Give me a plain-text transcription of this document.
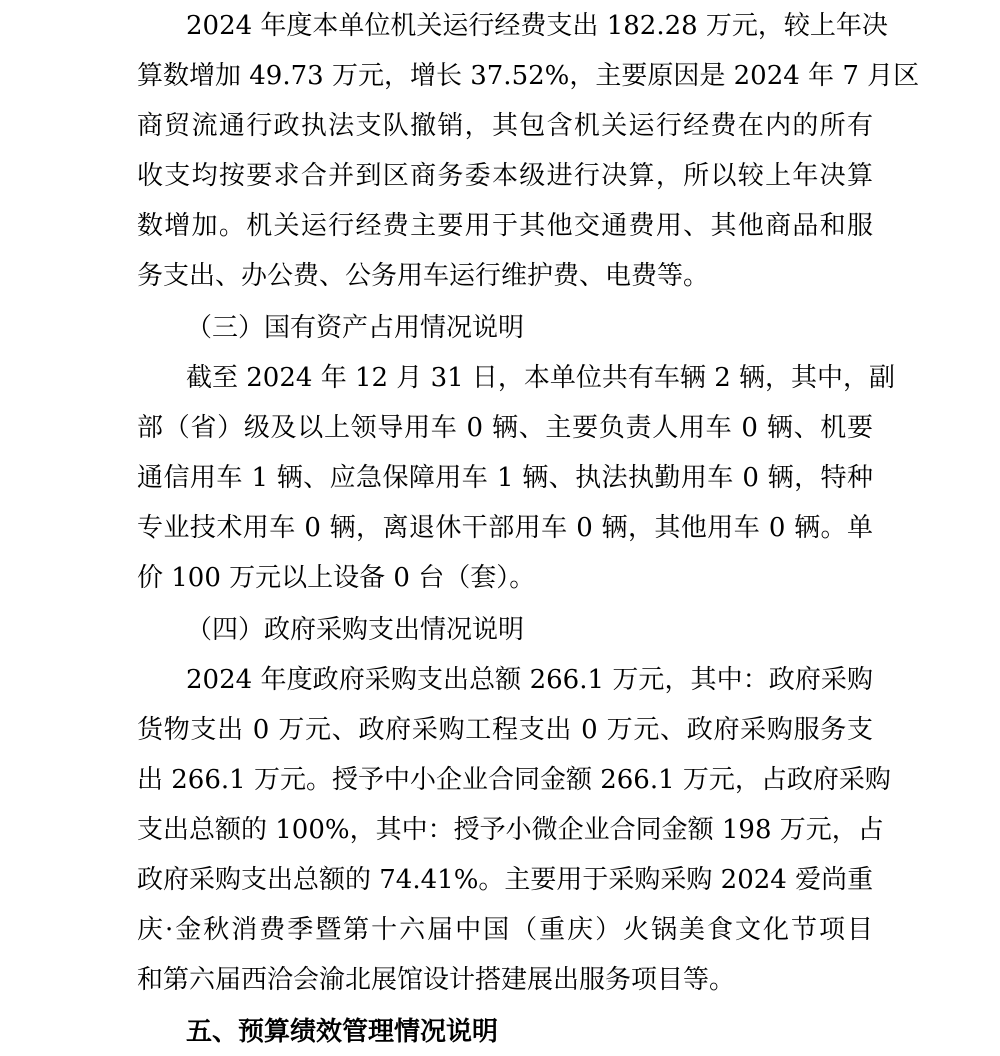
2024 年度本单位机关运行经费支出 182.28 万元，较上年决
算数增加 49.73 万元，增长 37.52%，主要原因是 2024 年 7 月区
商贸流通行政执法支队撤销，其包含机关运行经费在内的所有
收支均按要求合并到区商务委本级进行决算，所以较上年决算
数增加。机关运行经费主要用于其他交通费用、其他商品和服
务支出、办公费、公务用车运行维护费、电费等。
（三）国有资产占用情况说明
截至 2024 年 12 月 31 日，本单位共有车辆 2 辆，其中，副
部（省）级及以上领导用车 0 辆、主要负责人用车 0 辆、机要
通信用车 1 辆、应急保障用车 1 辆、执法执勤用车 0 辆，特种
专业技术用车 0 辆，离退休干部用车 0 辆，其他用车 0 辆。单
价 100 万元以上设备 0 台（套）。
（四）政府采购支出情况说明
2024 年度政府采购支出总额 266.1 万元，其中：政府采购
货物支出 0 万元、政府采购工程支出 0 万元、政府采购服务支
出 266.1 万元。授予中小企业合同金额 266.1 万元，占政府采购
支出总额的 100%，其中：授予小微企业合同金额 198 万元，占
政府采购支出总额的 74.41%。主要用于采购采购 2024 爱尚重
庆·金秋消费季暨第十六届中国（重庆）火锅美食文化节项目
和第六届西洽会渝北展馆设计搭建展出服务项目等。
五、预算绩效管理情况说明
